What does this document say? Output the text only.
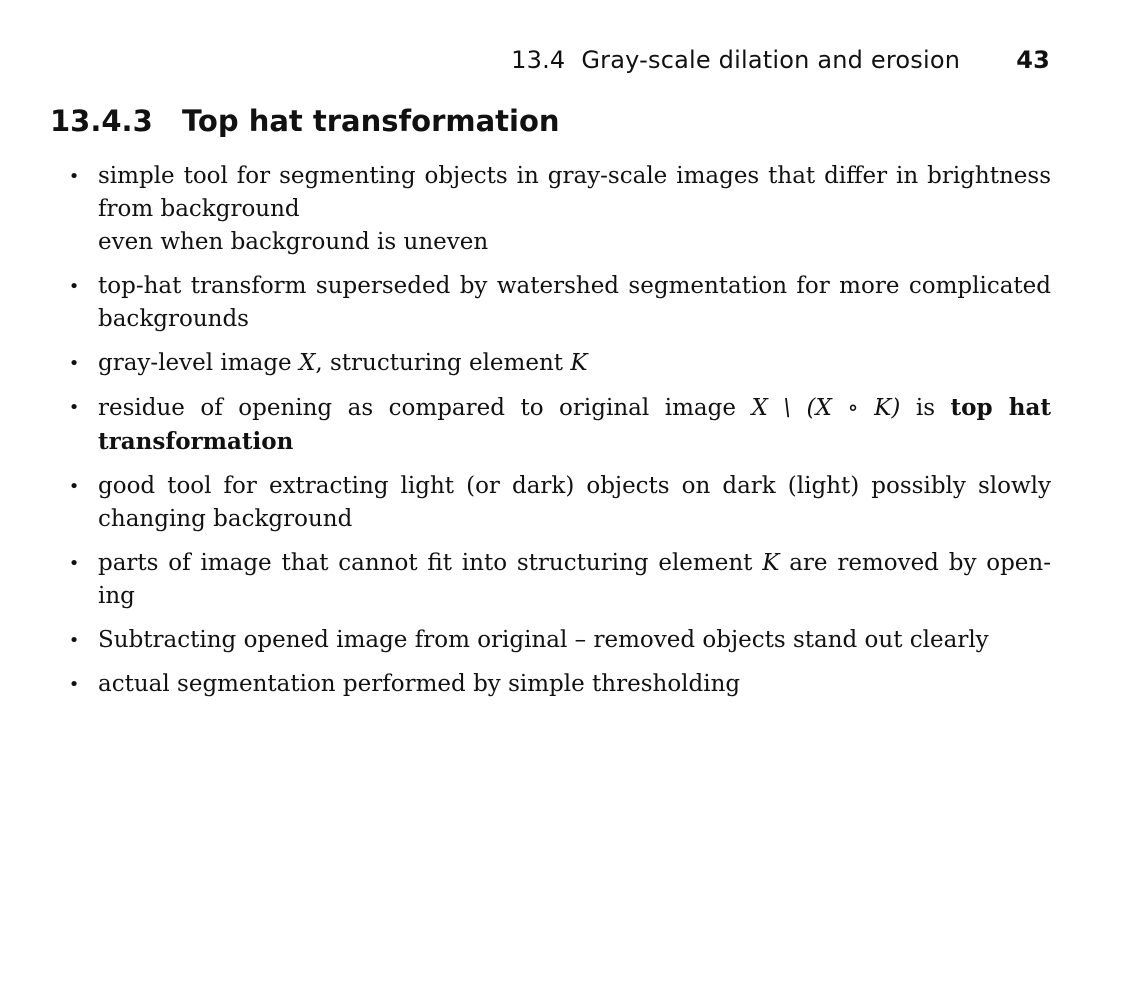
13.4 Gray-scale dilation and erosion 43
13.4.3	Top hat transformation
• simple tool for segmenting objects in gray-scale images that differ in brightness from background
even when background is uneven
• top-hat transform superseded by watershed segmentation for more complicated backgrounds
• gray-level image X, structuring element K
• residue of opening as compared to original image X \ (X ∘ K) is top hat transformation
• good tool for extracting light (or dark) objects on dark (light) possibly slowly changing background
• parts of image that cannot fit into structuring element K are removed by open-ing
• Subtracting opened image from original – removed objects stand out clearly
• actual segmentation performed by simple thresholding
